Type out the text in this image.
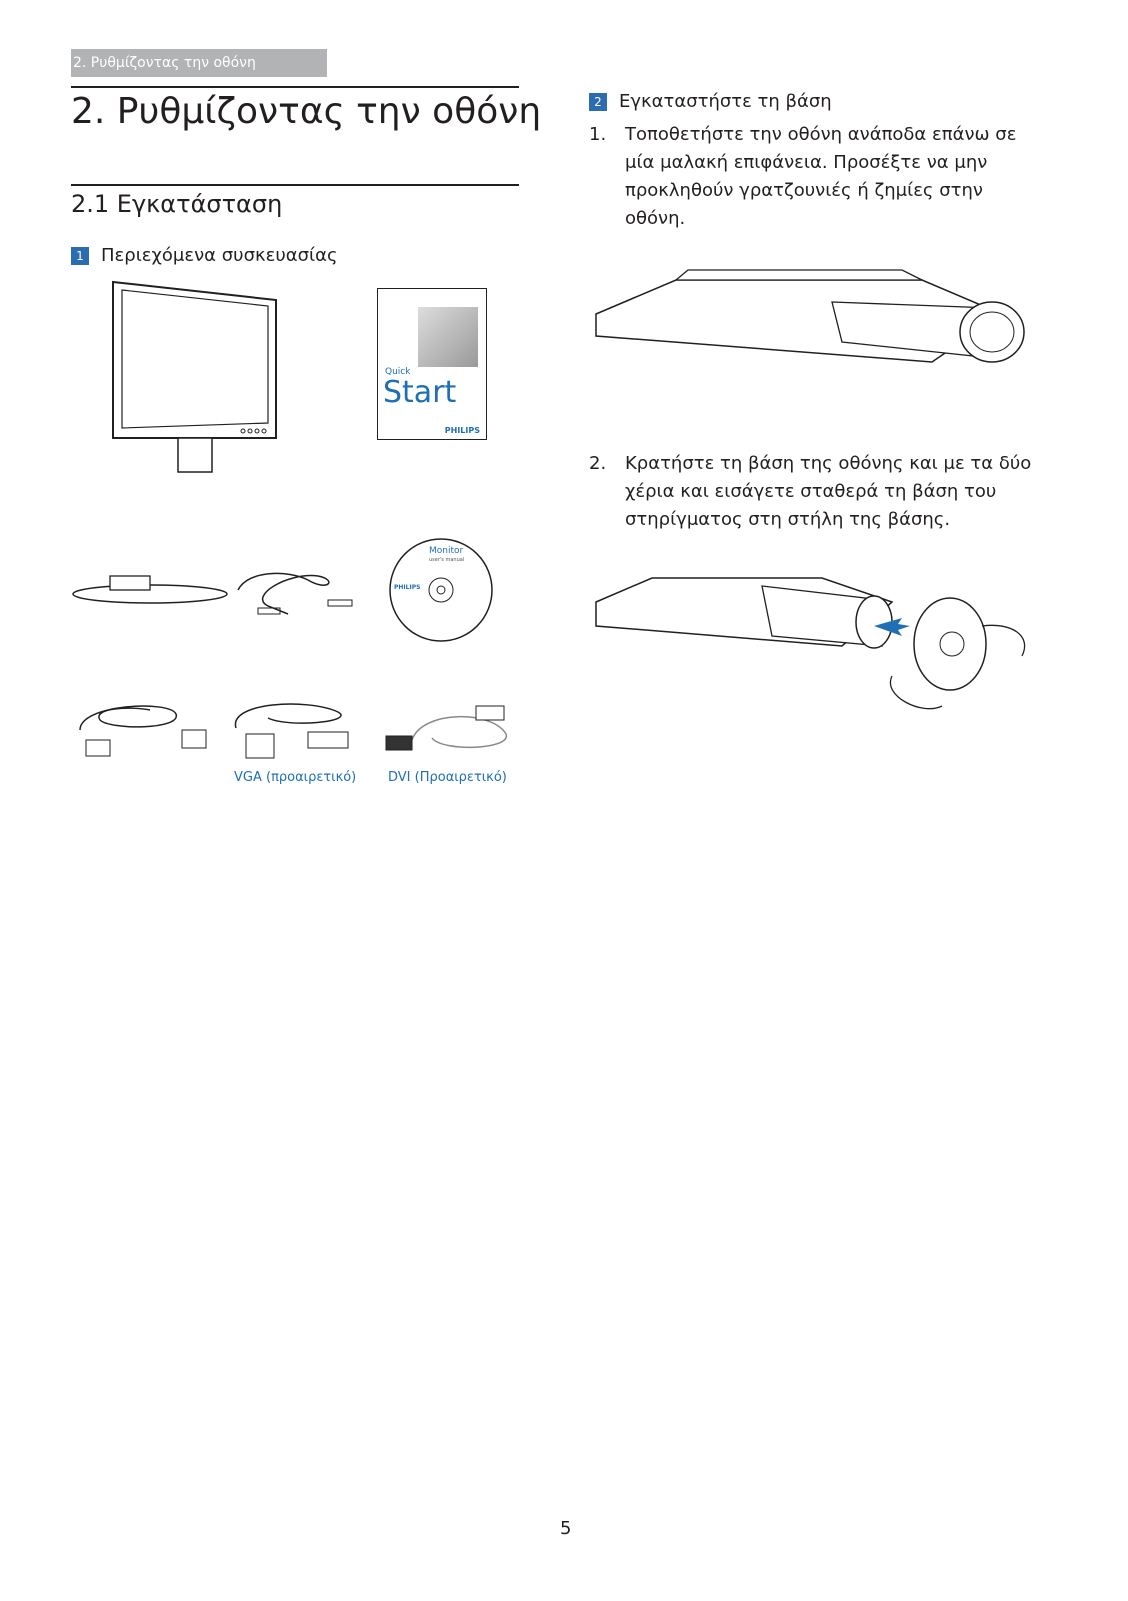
2. Ρυθμίζοντας την οθόνη
2. Ρυθμίζοντας την οθόνη
2.1 Εγκατάσταση
1 Περιεχόμενα συσκευασίας
Quick
Start
PHILIPS
Monitor
user's manual
PHILIPS
VGA (προαιρετικό) DVI (Προαιρετικό)
2 Εγκαταστήστε τη βάση
1.	Τοποθετήστε την οθόνη ανάποδα επάνω σε μία μαλακή επιφάνεια. Προσέξτε να μην προκληθούν γρατζουνιές ή ζημίες στην οθόνη.
2.	Κρατήστε τη βάση της οθόνης και με τα δύο χέρια και εισάγετε σταθερά τη βάση του στηρίγματος στη στήλη της βάσης.
5
